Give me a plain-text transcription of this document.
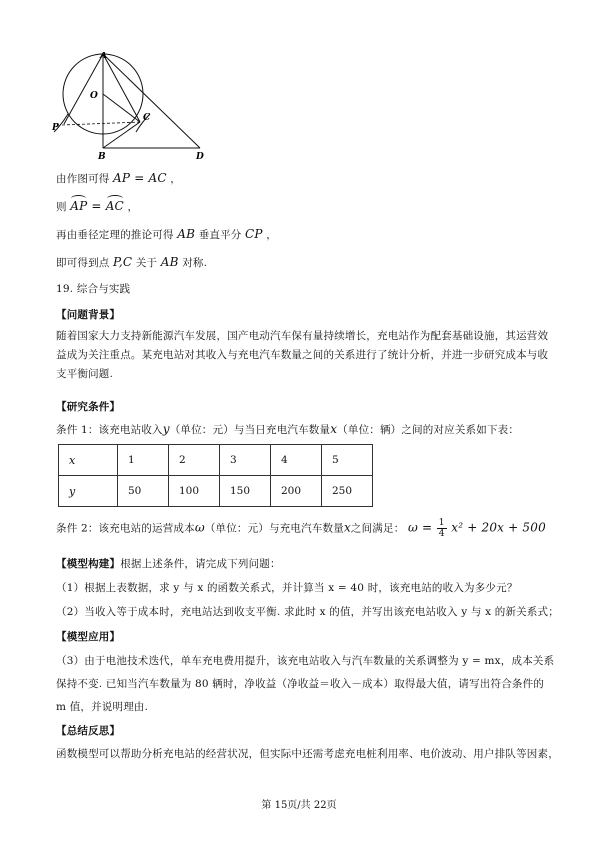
A
O
P
C
B	D
由作图可得 AP = AC ，
则 AP = AC ，
再由垂径定理的推论可得 AB 垂直平分 CP ，
即可得到点 P,C 关于 AB 对称.
19. 综合与实践
【问题背景】
随着国家大力支持新能源汽车发展，国产电动汽车保有量持续增长，充电站作为配套基础设施，其运营效益成为关注重点。某充电站对其收入与充电汽车数量之间的关系进行了统计分析，并进一步研究成本与收支平衡问题.
【研究条件】
条件 1：该充电站收入y（单位：元）与当日充电汽车数量x（单位：辆）之间的对应关系如下表：
x	1	2	3	4	5
y	50	100	150	200	250
条件 2：该充电站的运营成本ω（单位：元）与充电汽车数量x之间满足： $\omega = \frac{1}{4} x^2 + 20x + 500$
【模型构建】根据上述条件，请完成下列问题：
（1）根据上表数据，求 y 与 x 的函数关系式，并计算当 x = 40 时，该充电站的收入为多少元？
（2）当收入等于成本时，充电站达到收支平衡. 求此时 x 的值，并写出该充电站收入 y 与 x 的新关系式；
【模型应用】
（3）由于电池技术迭代，单车充电费用提升，该充电站收入与汽车数量的关系调整为 y = mx，成本关系
保持不变. 已知当汽车数量为 80 辆时，净收益（净收益＝收入－成本）取得最大值，请写出符合条件的
m 值，并说明理由.
【总结反思】
函数模型可以帮助分析充电站的经营状况，但实际中还需考虑充电桩利用率、电价波动、用户排队等因素，
第 15页/共 22页
